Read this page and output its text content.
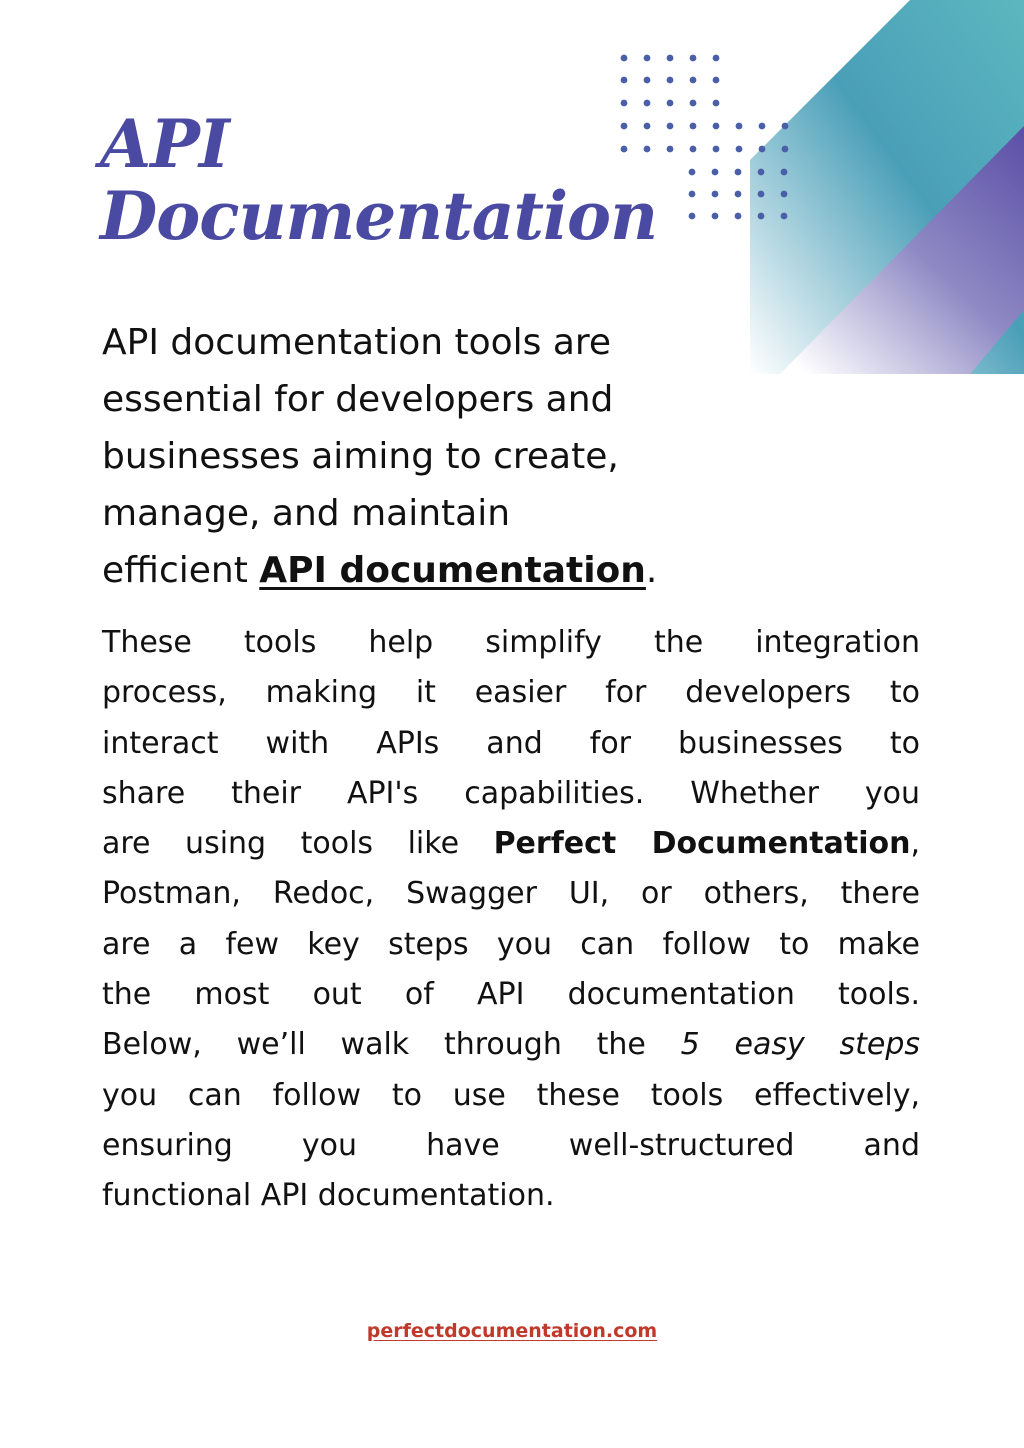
API
Documentation

API documentation tools are
essential for developers and
businesses aiming to create,
manage, and maintain
efficient API documentation.

These tools help simplify the integration
process, making it easier for developers to
interact with APIs and for businesses to
share their API's capabilities. Whether you
are using tools like Perfect Documentation,
Postman, Redoc, Swagger UI, or others, there
are a few key steps you can follow to make
the most out of API documentation tools.
Below, we’ll walk through the 5 easy steps
you can follow to use these tools effectively,
ensuring you have well-structured and
functional API documentation.

perfectdocumentation.com
